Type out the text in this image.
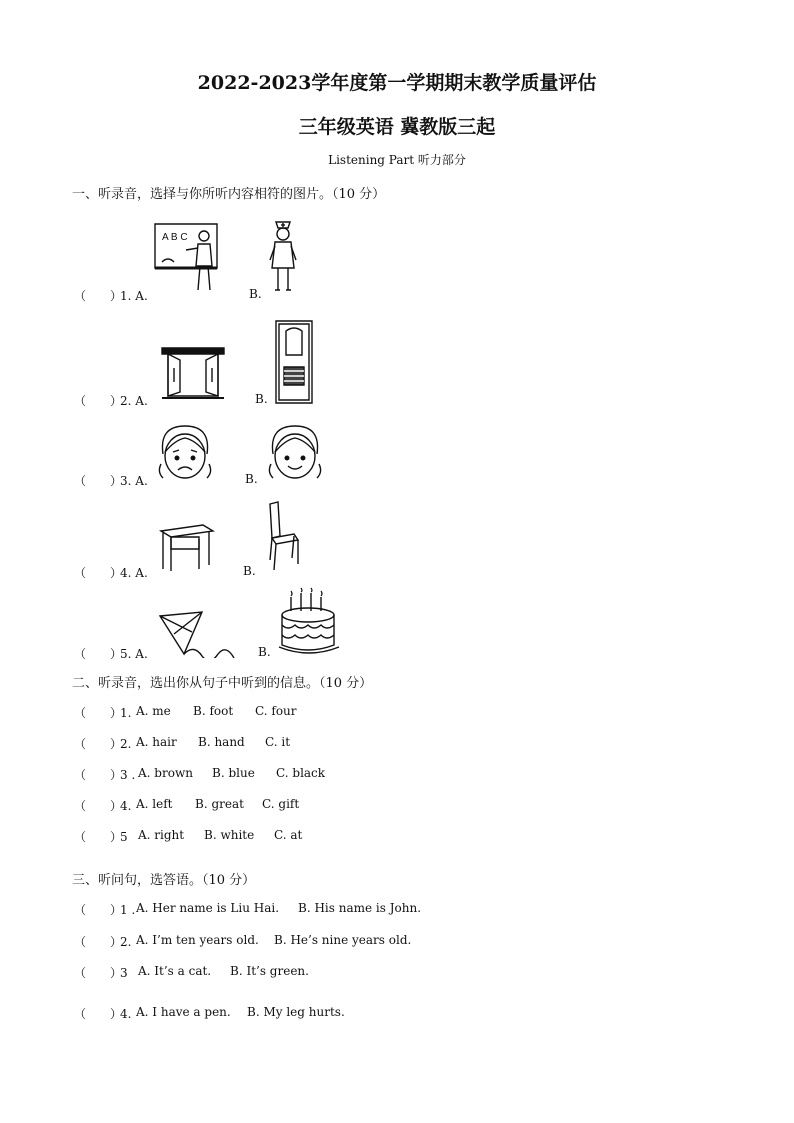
2022-2023学年度第一学期期末教学质量评估
三年级英语 冀教版三起
Listening Part 听力部分
一、听录音，选择与你所听内容相符的图片。（10 分）
（　　）1. A.	B.
A B C
（　　）2. A.	B.
（　　）3. A.	B.
（　　）4. A.	B.
（　　）5. A.	B.
二、听录音，选出你从句子中听到的信息。（10 分）
（　　）1. A. me B. foot C. four
（　　）2. A. hair B. hand C. it
（　　）3 . A. brown B. blue C. black
（　　）4. A. left B. great C. gift
（　　）5 A. right B. white C. at
三、听问句，选答语。（10 分）
（　　）1 . A. Her name is Liu Hai. B. His name is John.
（　　）2. A. I’m ten years old. B. He’s nine years old.
（　　）3 A. It’s a cat. B. It’s green.
（　　）4. A. I have a pen. B. My leg hurts.
